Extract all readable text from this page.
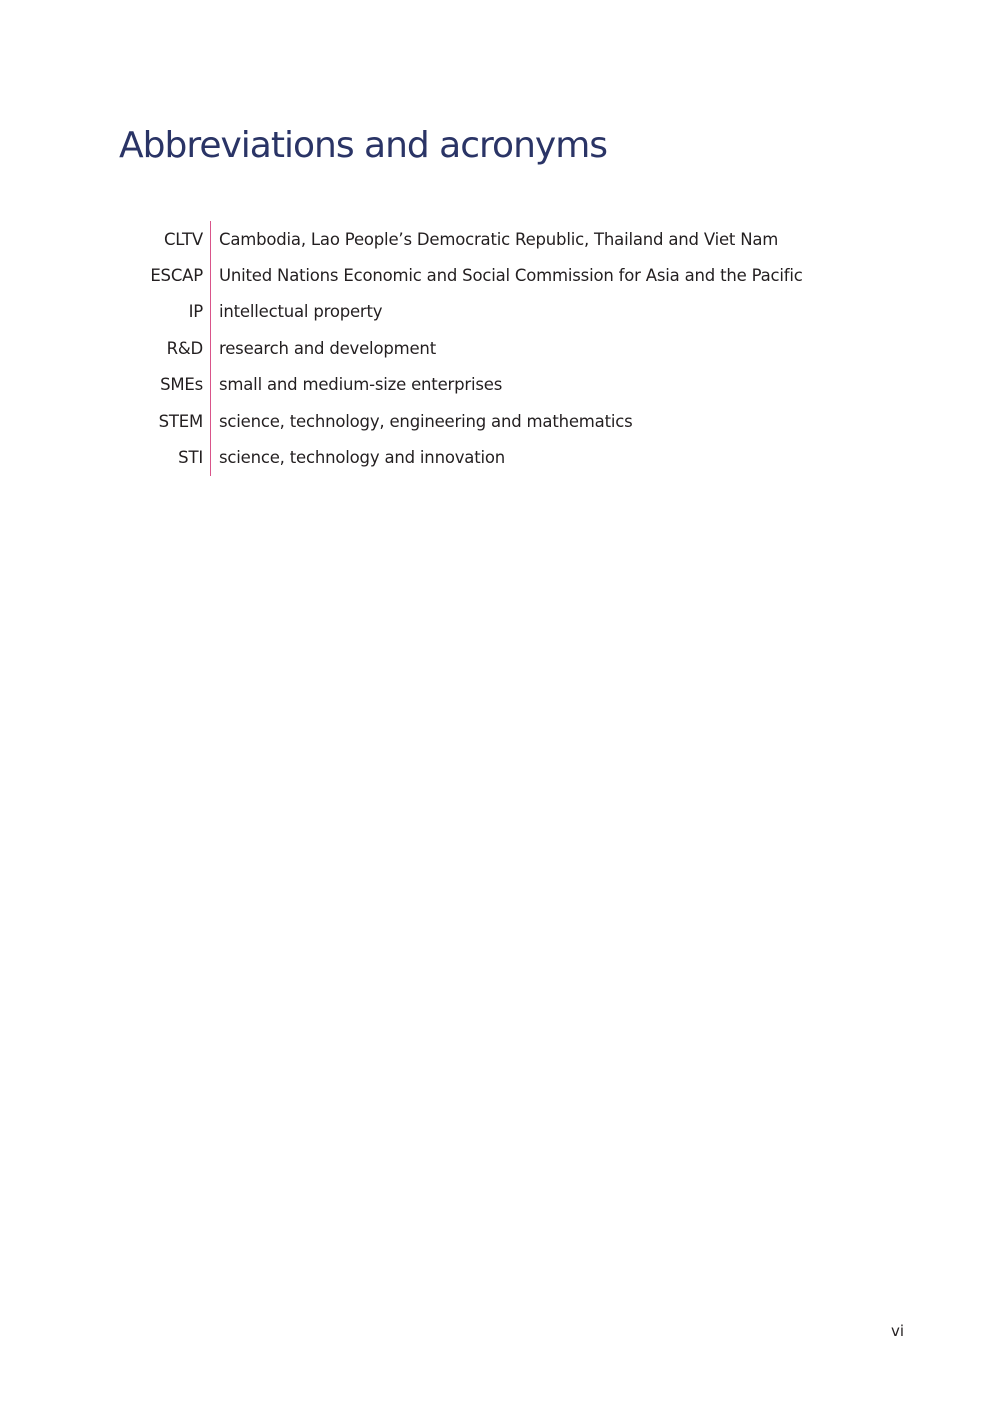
Abbreviations and acronyms
CLTV	Cambodia, Lao People’s Democratic Republic, Thailand and Viet Nam
ESCAP	United Nations Economic and Social Commission for Asia and the Pacific
IP	intellectual property
R&D	research and development
SMEs	small and medium-size enterprises
STEM	science, technology, engineering and mathematics
STI	science, technology and innovation
vi
